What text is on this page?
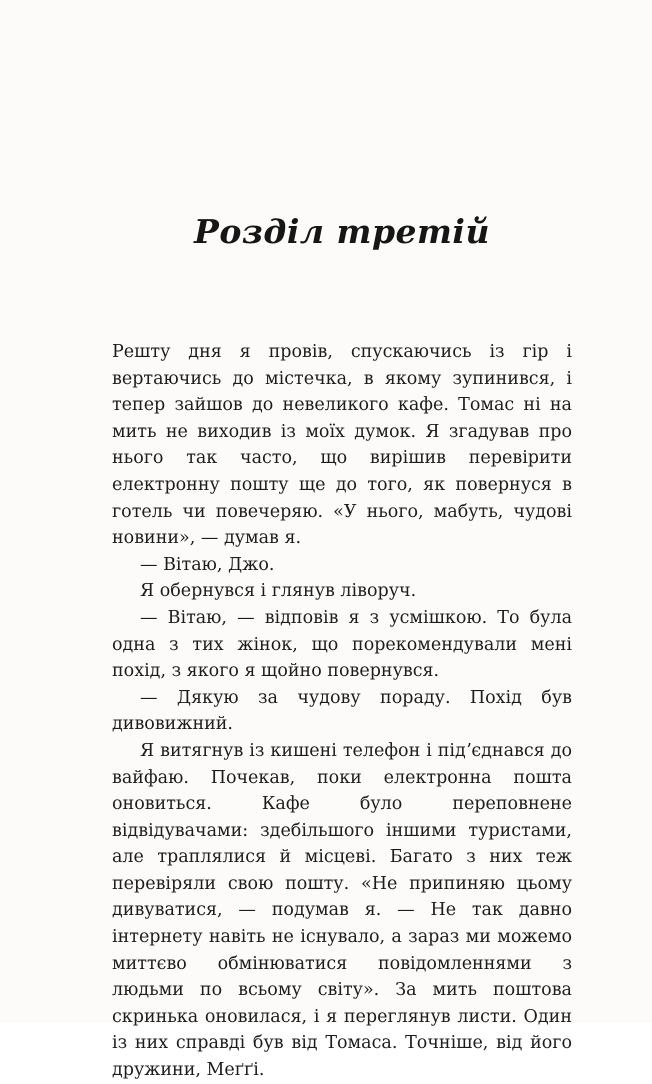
Розділ третій

Решту дня я провів, спускаючись із гір і вертаючись до містечка, в якому зупинився, і тепер зайшов до невеликого кафе. Томас ні на мить не виходив із моїх думок. Я згадував про нього так часто, що вирішив перевірити електронну пошту ще до того, як повернуся в готель чи повечеряю. «У нього, мабуть, чудові новини», — думав я.

— Вітаю, Джо.

Я обернувся і глянув ліворуч.

— Вітаю, — відповів я з усмішкою. То була одна з тих жінок, що порекомендували мені похід, з якого я щойно повернувся.

— Дякую за чудову пораду. Похід був дивовижний.

Я витягнув із кишені телефон і підʼєднався до вайфаю. Почекав, поки електронна пошта оновиться. Кафе було переповнене відвідувачами: здебільшого іншими туристами, але траплялися й місцеві. Багато з них теж перевіряли свою пошту. «Не припиняю цьому дивуватися, — подумав я. — Не так давно інтернету навіть не існувало, а зараз ми можемо миттєво обмінюватися повідомленнями з людьми по всьому світу». За мить поштова скринька оновилася, і я переглянув листи. Один із них справді був від Томаса. Точніше, від його дружини, Меґґі.
